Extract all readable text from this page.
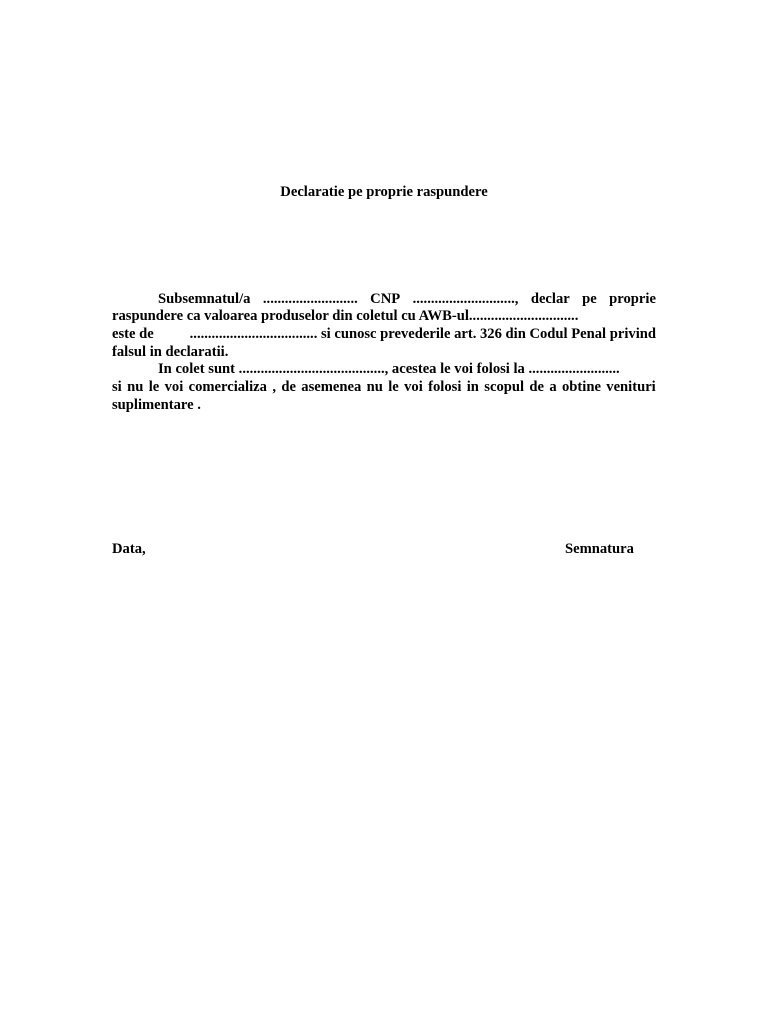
Declaratie pe proprie raspundere
Subsemnatul/a .......................... CNP ............................, declar pe proprie
raspundere ca valoarea produselor din coletul cu AWB-ul..............................
este de ................................... si cunosc prevederile art. 326 din Codul Penal privind
falsul in declaratii.
In colet sunt ........................................, acestea le voi folosi la .........................
si nu le voi comercializa , de asemenea nu le voi folosi in scopul de a obtine venituri
suplimentare .
Data,	Semnatura
